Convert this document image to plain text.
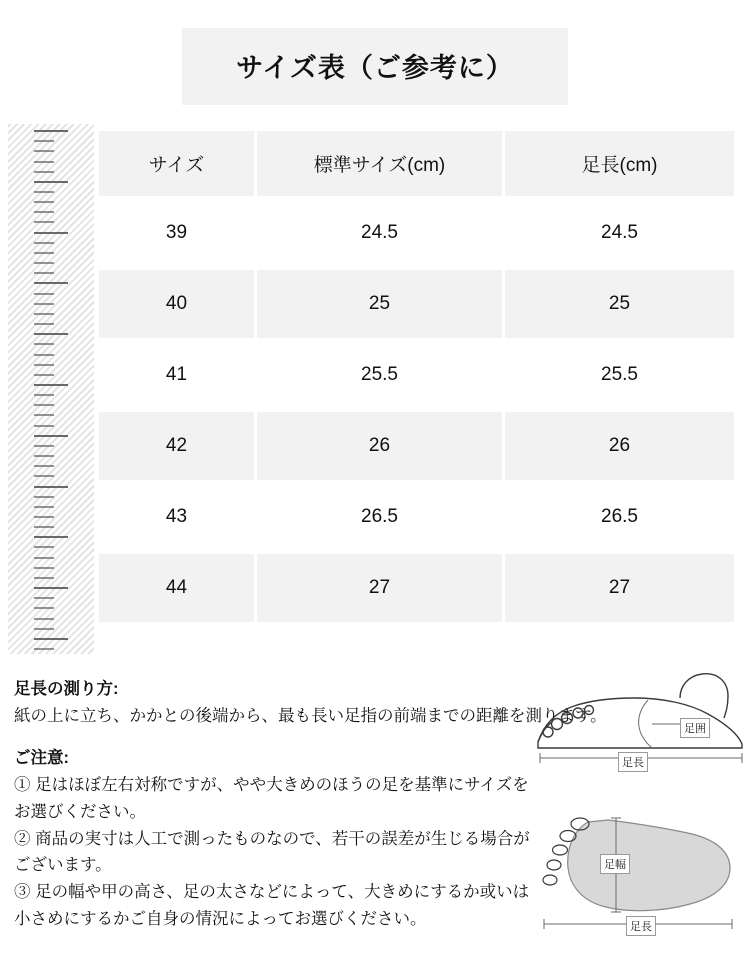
サイズ表（ご参考に）
サイズ	標準サイズ(cm)	足長(cm)
39	24.5	24.5
40	25	25
41	25.5	25.5
42	26	26
43	26.5	26.5
44	27	27

足長の測り方:

紙の上に立ち、かかとの後端から、最も長い足指の前端までの距離を測ります。

ご注意:

① 足はほぼ左右対称ですが、やや大きめのほうの足を基準にサイズを

お選びください。

② 商品の実寸は人工で測ったものなので、若干の誤差が生じる場合が

ございます。

③ 足の幅や甲の高さ、足の太さなどによって、大きめにするか或いは

小さめにするかご自身の情況によってお選びください。

足囲
足長
足幅
足長
